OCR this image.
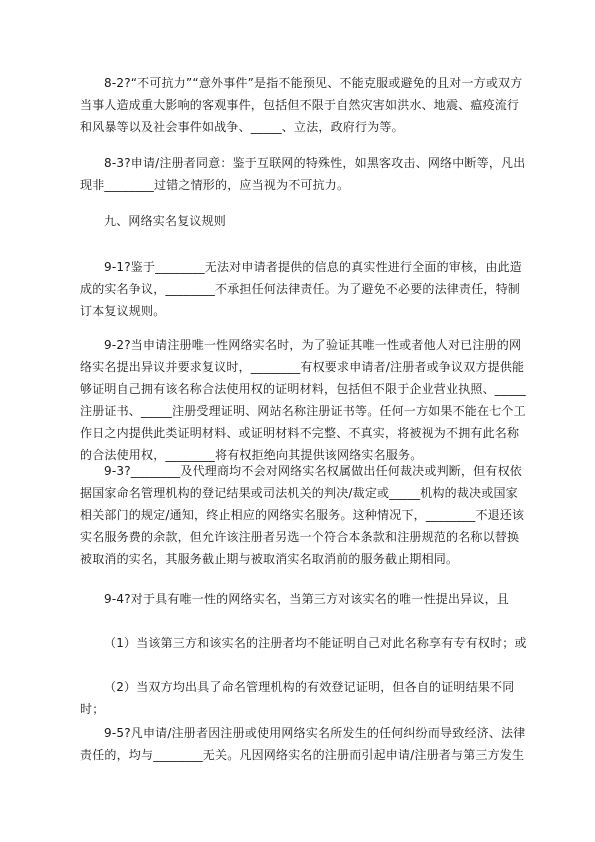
8-2?“不可抗力”“意外事件”是指不能预见、不能克服或避免的且对一方或双方当事人造成重大影响的客观事件，包括但不限于自然灾害如洪水、地震、瘟疫流行和风暴等以及社会事件如战争、_____、立法，政府行为等。

8-3?申请/注册者同意：鉴于互联网的特殊性，如黑客攻击、网络中断等，凡出现非________过错之情形的，应当视为不可抗力。

九、网络实名复议规则

9-1?鉴于________无法对申请者提供的信息的真实性进行全面的审核，由此造成的实名争议，________不承担任何法律责任。为了避免不必要的法律责任，特制订本复议规则。

9-2?当申请注册唯一性网络实名时，为了验证其唯一性或者他人对已注册的网络实名提出异议并要求复议时，________有权要求申请者/注册者或争议双方提供能够证明自己拥有该名称合法使用权的证明材料，包括但不限于企业营业执照、_____注册证书、_____注册受理证明、网站名称注册证书等。任何一方如果不能在七个工作日之内提供此类证明材料、或证明材料不完整、不真实，将被视为不拥有此名称的合法使用权，________将有权拒绝向其提供该网络实名服务。

9-3?________及代理商均不会对网络实名权属做出任何裁决或判断，但有权依据国家命名管理机构的登记结果或司法机关的判决/裁定或_____机构的裁决或国家相关部门的规定/通知，终止相应的网络实名服务。这种情况下，________不退还该实名服务费的余款，但允许该注册者另选一个符合本条款和注册规范的名称以替换被取消的实名，其服务截止期与被取消实名取消前的服务截止期相同。

9-4?对于具有唯一性的网络实名，当第三方对该实名的唯一性提出异议，且

（1）当该第三方和该实名的注册者均不能证明自己对此名称享有专有权时；或

（2）当双方均出具了命名管理机构的有效登记证明，但各自的证明结果不同时；

9-5?凡申请/注册者因注册或使用网络实名所发生的任何纠纷而导致经济、法律责任的，均与________无关。凡因网络实名的注册而引起申请/注册者与第三方发生
